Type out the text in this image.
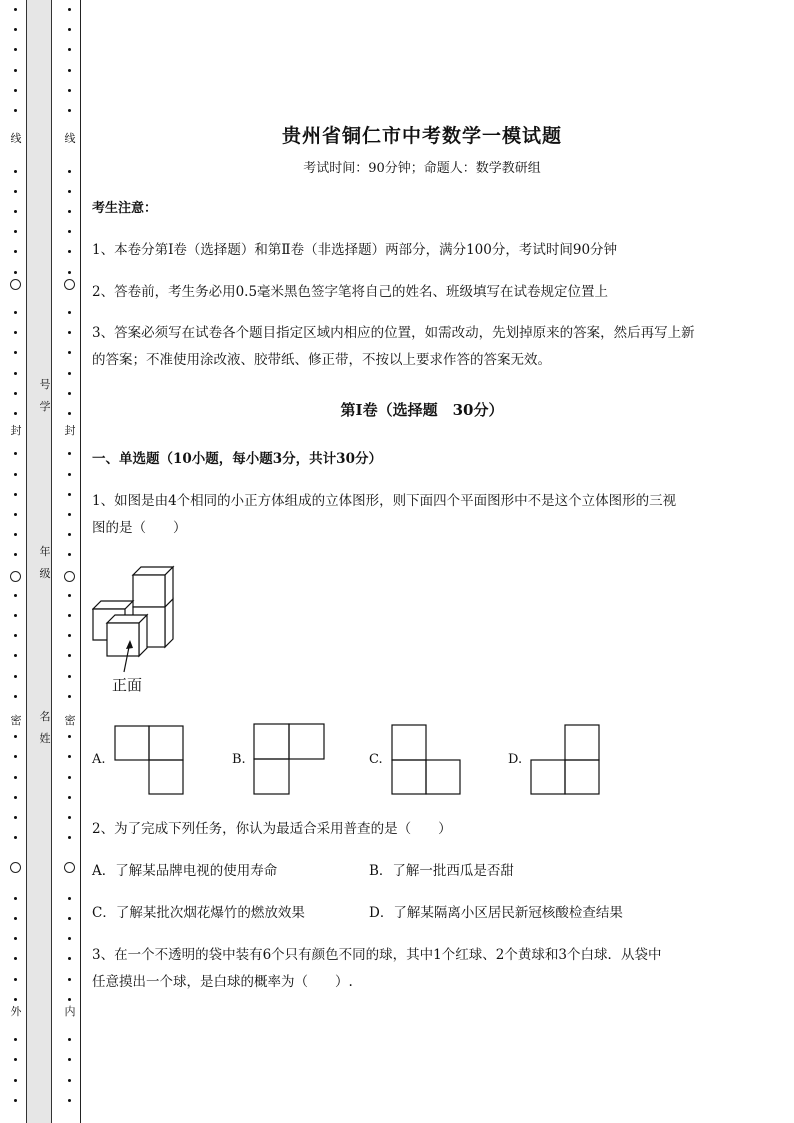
线
封
密
外
线
封
密
内
号
学
年
级
名
姓
贵州省铜仁市中考数学一模试题
考试时间：90分钟；命题人：数学教研组
考生注意：
1、本卷分第Ⅰ卷（选择题）和第Ⅱ卷（非选择题）两部分，满分100分，考试时间90分钟
2、答卷前，考生务必用0.5毫米黑色签字笔将自己的姓名、班级填写在试卷规定位置上
3、答案必须写在试卷各个题目指定区域内相应的位置，如需改动，先划掉原来的答案，然后再写上新
的答案；不准使用涂改液、胶带纸、修正带，不按以上要求作答的答案无效。
第Ⅰ卷（选择题　30分）
一、单选题（10小题，每小题3分，共计30分）
1、如图是由4个相同的小正方体组成的立体图形，则下面四个平面图形中不是这个立体图形的三视
图的是（　　）
正面
A.	B.	C.	D.
2、为了完成下列任务，你认为最适合采用普查的是（　　）
A．了解某品牌电视的使用寿命	B．了解一批西瓜是否甜
C．了解某批次烟花爆竹的燃放效果	D．了解某隔离小区居民新冠核酸检查结果
3、在一个不透明的袋中装有6个只有颜色不同的球，其中1个红球、2个黄球和3个白球．从袋中
任意摸出一个球，是白球的概率为（　　）.
